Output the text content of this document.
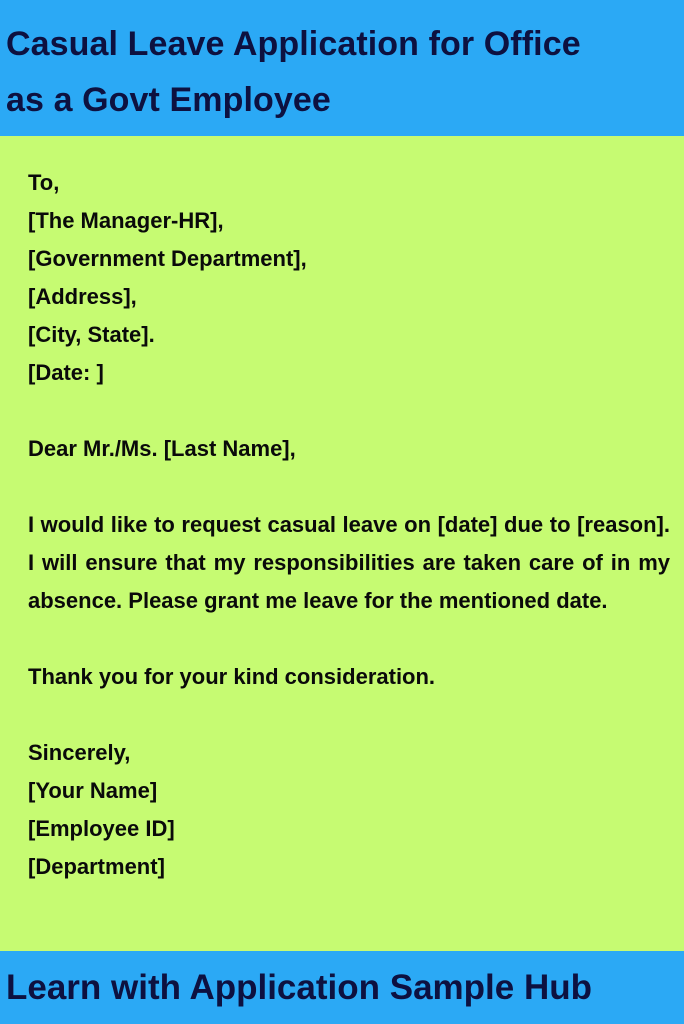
Casual Leave Application for Office
as a Govt Employee
To,
[The Manager-HR],
[Government Department],
[Address],
[City, State].
[Date: ]
Dear Mr./Ms. [Last Name],
I would like to request casual leave on [date] due to [reason]. I will ensure that my responsibilities are taken care of in my absence. Please grant me leave for the mentioned date.
Thank you for your kind consideration.
Sincerely,
[Your Name]
[Employee ID]
[Department]
Learn with Application Sample Hub
